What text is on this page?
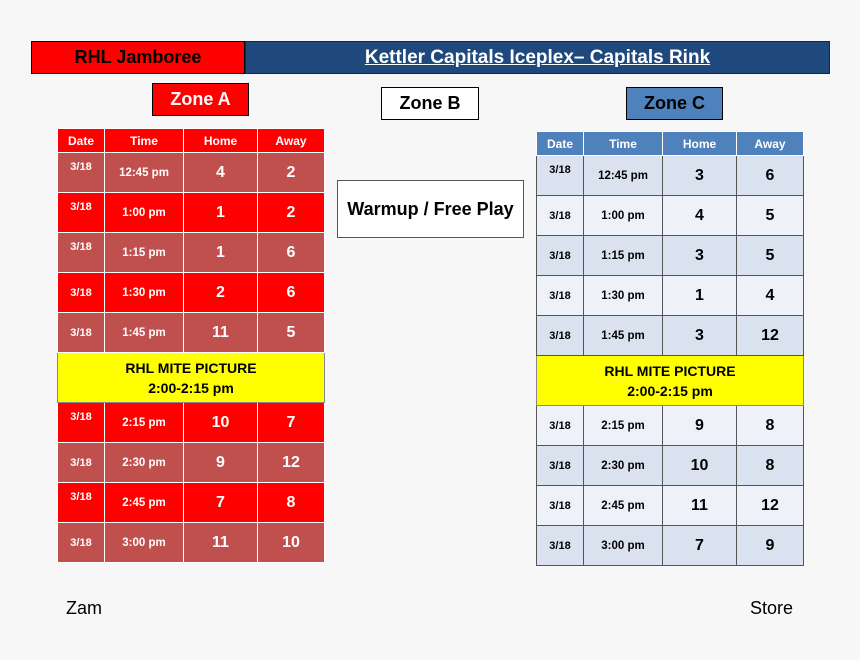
RHL Jamboree	Kettler Capitals Iceplex– Capitals Rink
Zone A	Zone B	Zone C
Warmup / Free Play
Date	Time	Home	Away
3/18	12:45 pm	4	2
3/18	1:00 pm	1	2
3/18	1:15 pm	1	6
3/18	1:30 pm	2	6
3/18	1:45 pm	11	5

RHL MITE PICTURE
2:00-2:15 pm			

3/18	2:15 pm	10	7
3/18	2:30 pm	9	12
3/18	2:45 pm	7	8
3/18	3:00 pm	11	10
Date	Time	Home	Away
3/18	12:45 pm	3	6
3/18	1:00 pm	4	5
3/18	1:15 pm	3	5
3/18	1:30 pm	1	4
3/18	1:45 pm	3	12

RHL MITE PICTURE
2:00-2:15 pm			

3/18	2:15 pm	9	8
3/18	2:30 pm	10	8
3/18	2:45 pm	11	12
3/18	3:00 pm	7	9
Zam	Store
